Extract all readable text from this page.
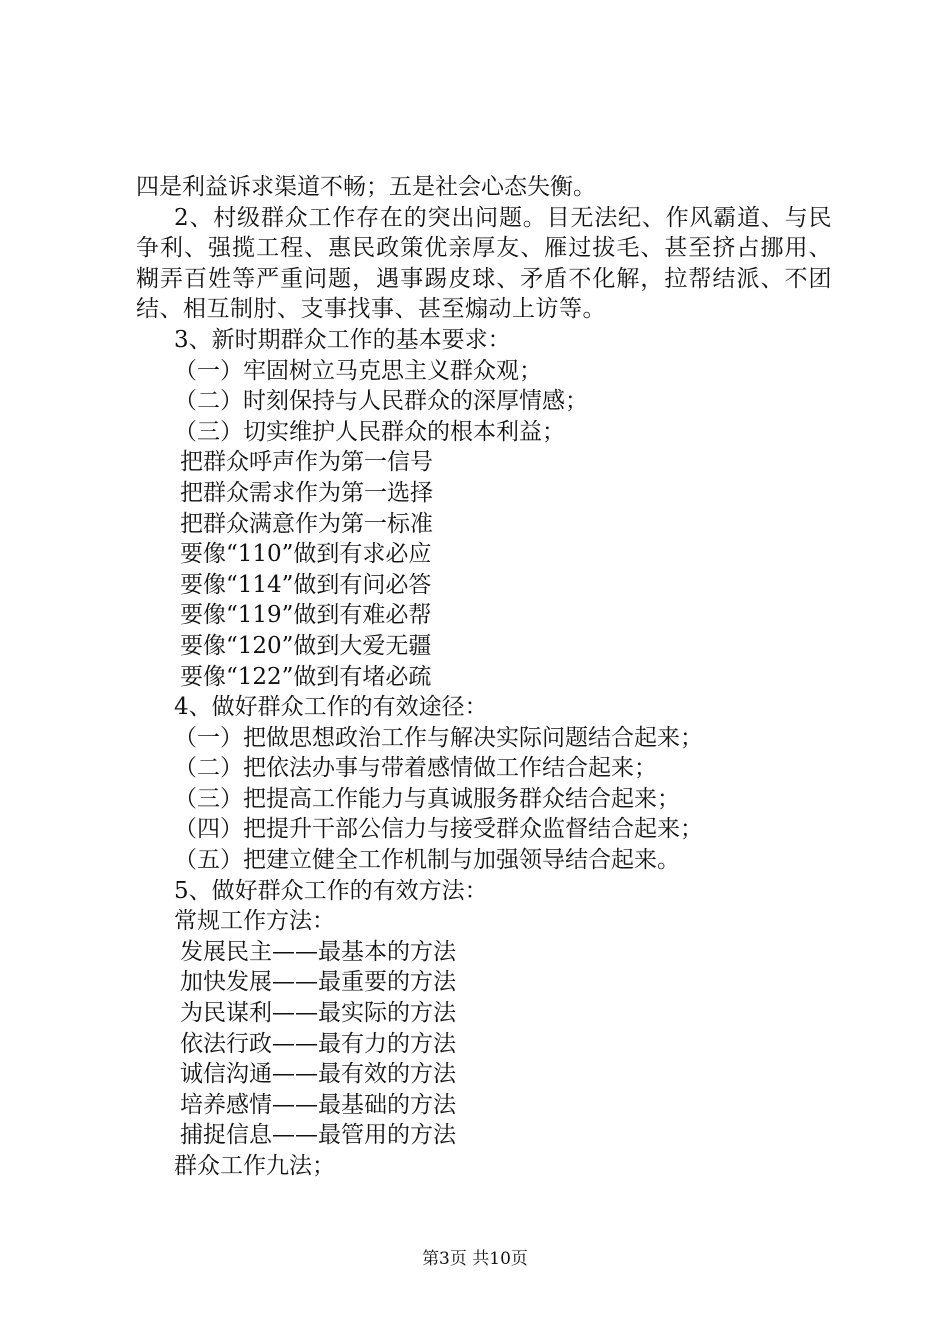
四是利益诉求渠道不畅；五是社会心态失衡。
2、村级群众工作存在的突出问题。目无法纪、作风霸道、与民争利、强揽工程、惠民政策优亲厚友、雁过拔毛、甚至挤占挪用、糊弄百姓等严重问题，遇事踢皮球、矛盾不化解，拉帮结派、不团结、相互制肘、支事找事、甚至煽动上访等。
3、新时期群众工作的基本要求：
（一）牢固树立马克思主义群众观；
（二）时刻保持与人民群众的深厚情感；
（三）切实维护人民群众的根本利益；
把群众呼声作为第一信号
把群众需求作为第一选择
把群众满意作为第一标准
要像“110”做到有求必应
要像“114”做到有问必答
要像“119”做到有难必帮
要像“120”做到大爱无疆
要像“122”做到有堵必疏
4、做好群众工作的有效途径：
（一）把做思想政治工作与解决实际问题结合起来；
（二）把依法办事与带着感情做工作结合起来；
（三）把提高工作能力与真诚服务群众结合起来；
（四）把提升干部公信力与接受群众监督结合起来；
（五）把建立健全工作机制与加强领导结合起来。
5、做好群众工作的有效方法：
常规工作方法：
发展民主——最基本的方法
加快发展——最重要的方法
为民谋利——最实际的方法
依法行政——最有力的方法
诚信沟通——最有效的方法
培养感情——最基础的方法
捕捉信息——最管用的方法
群众工作九法；
第3页 共10页
